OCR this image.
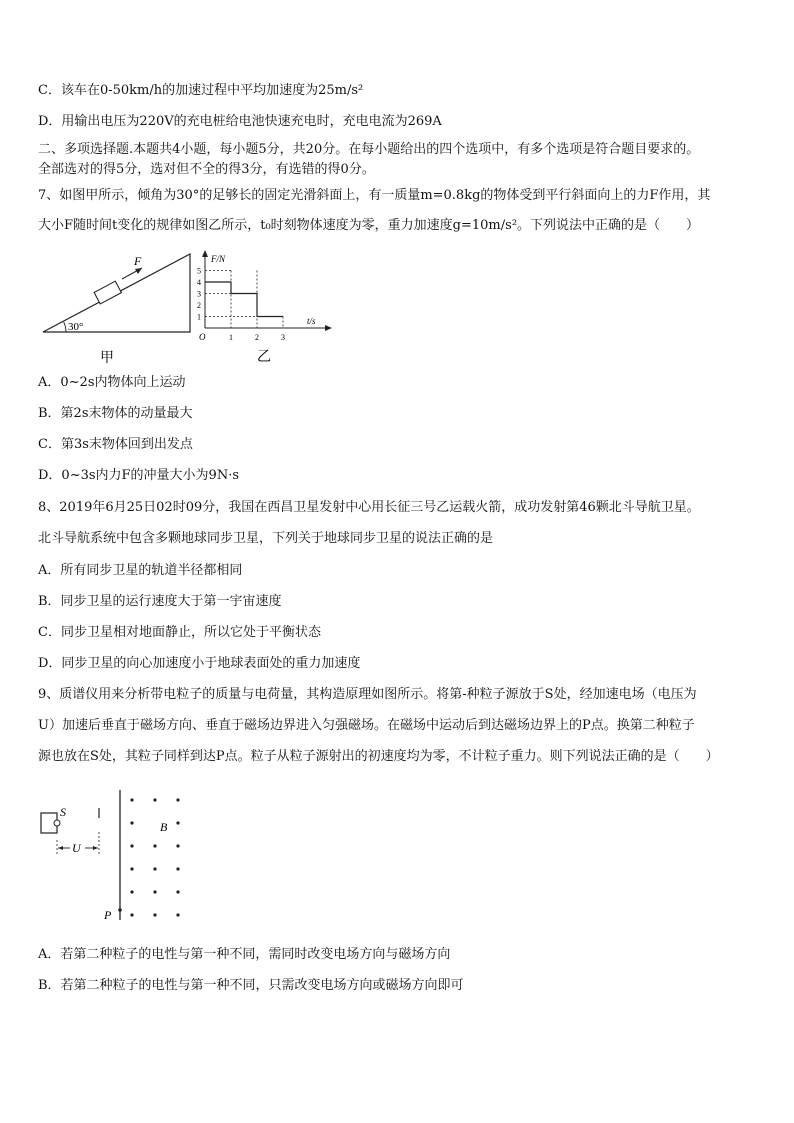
C．该车在0-50km/h的加速过程中平均加速度为25m/s²
D．用输出电压为220V的充电桩给电池快速充电时，充电电流为269A
二、多项选择题.本题共4小题，每小题5分，共20分。在每小题给出的四个选项中，有多个选项是符合题目要求的。
全部选对的得5分，选对但不全的得3分，有选错的得0分。
7、如图甲所示，倾角为30°的足够长的固定光滑斜面上，有一质量m=0.8kg的物体受到平行斜面向上的力F作用，其
大小F随时间t变化的规律如图乙所示，t₀时刻物体速度为零，重力加速度g=10m/s²。下列说法中正确的是（　　）
30°
F
甲
F/N
t/s
O
1
2
3
4
5
1	2	3
乙
A．0~2s内物体向上运动
B．第2s末物体的动量最大
C．第3s末物体回到出发点
D．0~3s内力F的冲量大小为9N·s
8、2019年6月25日02时09分，我国在西昌卫星发射中心用长征三号乙运载火箭，成功发射第46颗北斗导航卫星。
北斗导航系统中包含多颗地球同步卫星，下列关于地球同步卫星的说法正确的是
A．所有同步卫星的轨道半径都相同
B．同步卫星的运行速度大于第一宇宙速度
C．同步卫星相对地面静止，所以它处于平衡状态
D．同步卫星的向心加速度小于地球表面处的重力加速度
9、质谱仪用来分析带电粒子的质量与电荷量，其构造原理如图所示。将第-种粒子源放于S处，经加速电场（电压为
U）加速后垂直于磁场方向、垂直于磁场边界进入匀强磁场。在磁场中运动后到达磁场边界上的P点。换第二种粒子
源也放在S处，其粒子同样到达P点。粒子从粒子源射出的初速度均为零，不计粒子重力。则下列说法正确的是（　　）
S
U
B
P
A．若第二种粒子的电性与第一种不同，需同时改变电场方向与磁场方向
B．若第二种粒子的电性与第一种不同，只需改变电场方向或磁场方向即可
